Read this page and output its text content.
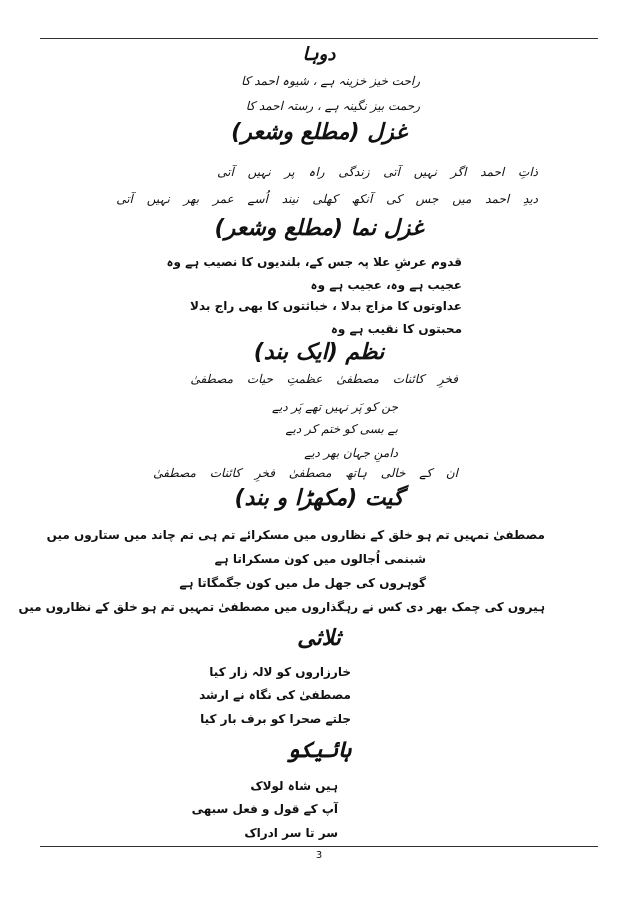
دوہا
راحت خیز خزینہ ہے ، شیوہ احمد کا
رحمت بیز نگینہ ہے ، رستہ احمد کا
غزل (مطلع وشعر)
ذاتِ احمد اگر نہیں آتی زندگی راہ پر نہیں آتی
دیدِ احمد میں جس کی آنکھ کھلی نیند اُسے عمر بھر نہیں آتی
غزل نما (مطلع وشعر)
قدوم عرشِ علا پہ جس کے، بلندیوں کا نصیب ہے وہ
عجیب ہے وہ، عجیب ہے وہ
عداوتوں کا مزاج بدلا ، خباثتوں کا بھی راج بدلا
محبتوں کا نقیب ہے وہ
نظم (ایک بند)
فخرِ کائنات مصطفیٰ عظمتِ حیات مصطفیٰ
جن کو پَر نہیں تھے پَر دیے
بے بسی کو ختم کر دیے
دامنِ جہان بھر دیے
ان کے خالی ہاتھ مصطفیٰ فخرِ کائنات مصطفیٰ
گیت (مکھڑا و بند)
مصطفیٰ تمہیں تم ہو خلق کے نظاروں میں مسکرائے تم ہی تم چاند میں ستاروں میں
شبنمی اُجالوں میں کون مسکراتا ہے
گوہروں کی جھل مل میں کون جگمگاتا ہے
ہیروں کی چمک بھر دی کس نے رہگذاروں میں مصطفیٰ تمہیں تم ہو خلق کے نظاروں میں
ثلاثی
خارزاروں کو لالہ زار کیا
مصطفیٰ کی نگاہ نے ارشد
جلتے صحرا کو برف بار کیا
ہائیکو
ہیں شاہ لولاک
آپ کے قول و فعل سبھی
سر تا سر ادراک
3
